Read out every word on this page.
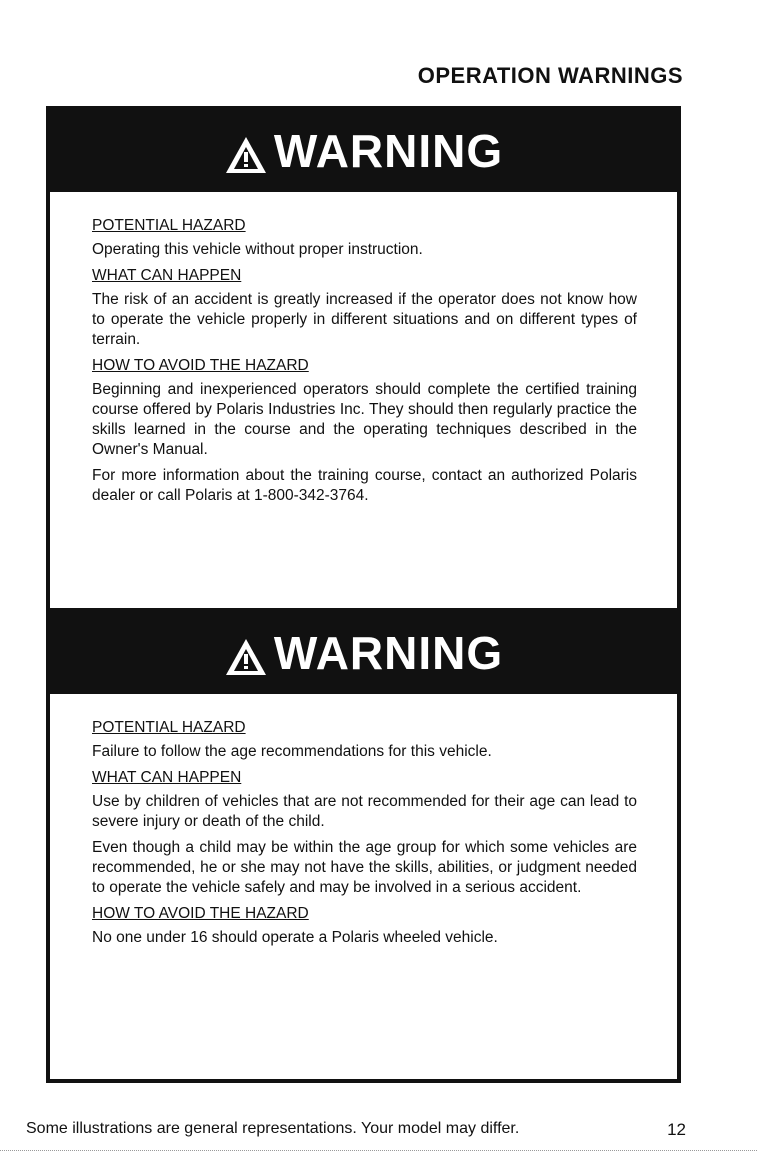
OPERATION WARNINGS
WARNING

POTENTIAL HAZARD

Operating this vehicle without proper instruction.

WHAT CAN HAPPEN

The risk of an accident is greatly increased if the operator does not know how to operate the vehicle properly in different situations and on different types of terrain.

HOW TO AVOID THE HAZARD

Beginning and inexperienced operators should complete the certified training course offered by Polaris Industries Inc. They should then regularly practice the skills learned in the course and the operating techniques described in the Owner's Manual.

For more information about the training course, contact an authorized Polaris dealer or call Polaris at 1-800-342-3764.

WARNING

POTENTIAL HAZARD

Failure to follow the age recommendations for this vehicle.

WHAT CAN HAPPEN

Use by children of vehicles that are not recommended for their age can lead to severe injury or death of the child.

Even though a child may be within the age group for which some vehicles are recommended, he or she may not have the skills, abilities, or judgment needed to operate the vehicle safely and may be involved in a serious accident.

HOW TO AVOID THE HAZARD

No one under 16 should operate a Polaris wheeled vehicle.

Some illustrations are general representations. Your model may differ.	12
